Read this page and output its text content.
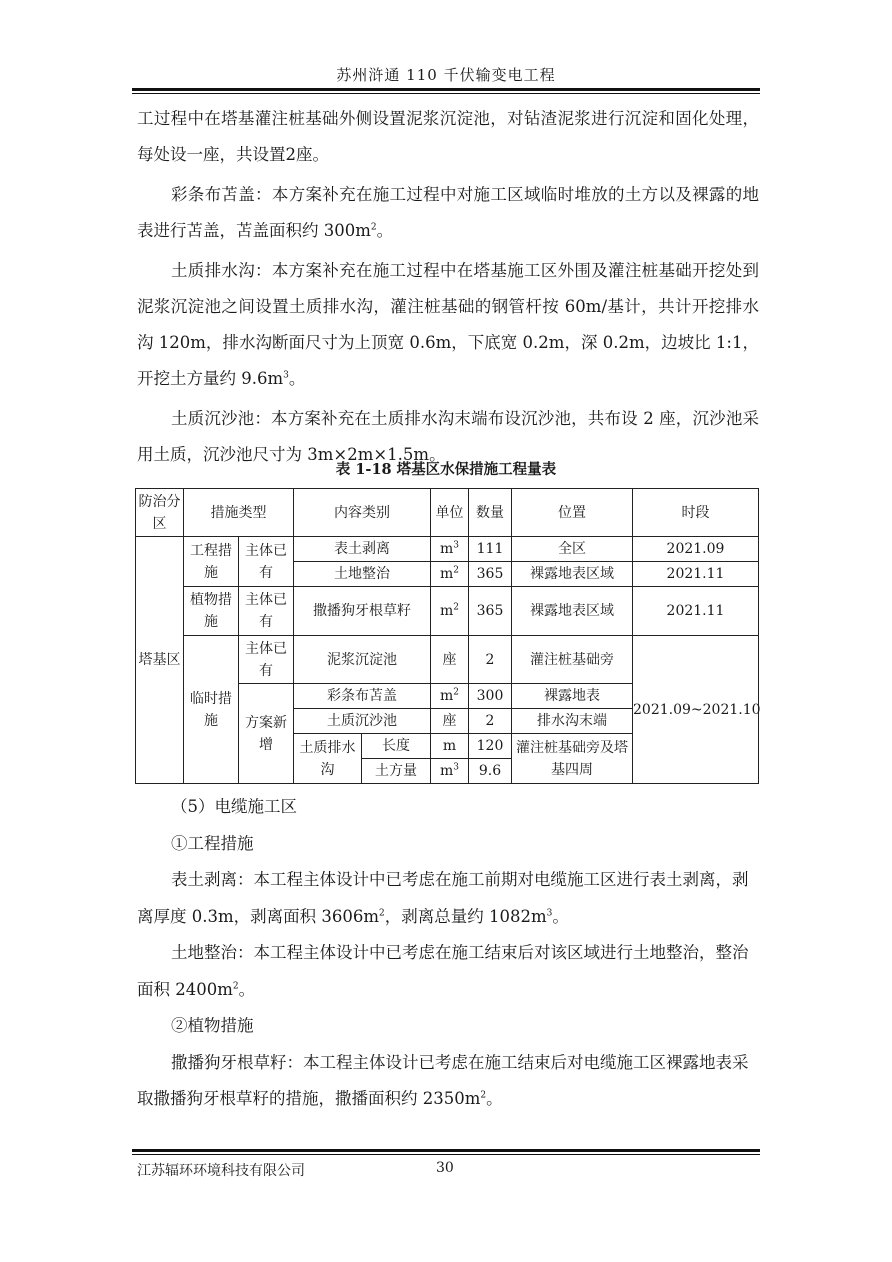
苏州浒通 110 千伏输变电工程

工过程中在塔基灌注桩基础外侧设置泥浆沉淀池，对钻渣泥浆进行沉淀和固化处理，每处设一座，共设置2座。

彩条布苫盖：本方案补充在施工过程中对施工区域临时堆放的土方以及裸露的地表进行苫盖，苫盖面积约 $300m^2$。

土质排水沟：本方案补充在施工过程中在塔基施工区外围及灌注桩基础开挖处到泥浆沉淀池之间设置土质排水沟，灌注桩基础的钢管杆按 60m/基计，共计开挖排水沟 120m，排水沟断面尺寸为上顶宽 0.6m，下底宽 0.2m，深 0.2m，边坡比 1:1，开挖土方量约 $9.6m^3$。

土质沉沙池：本方案补充在土质排水沟末端布设沉沙池，共布设 2 座，沉沙池采用土质，沉沙池尺寸为 3m×2m×1.5m。

表 1-18 塔基区水保措施工程量表
防治分区	措施类型		内容类别		单位	数量	位置	时段
塔基区	工程措施	主体已有	表土剥离		$m^3$	111	全区	2021.09
			土地整治		$m^2$	365	裸露地表区域	2021.11
	植物措施	主体已有	撒播狗牙根草籽		$m^2$	365	裸露地表区域	2021.11
	临时措施	主体已有	泥浆沉淀池		座	2	灌注桩基础旁	2021.09~2021.10
		方案新增	彩条布苫盖		$m^2$	300	裸露地表	
			土质沉沙池		座	2	排水沟末端	
			土质排水沟	长度	m	120	灌注桩基础旁及塔基四周	
				土方量	$m^3$	9.6		

（5）电缆施工区

①工程措施

表土剥离：本工程主体设计中已考虑在施工前期对电缆施工区进行表土剥离，剥离厚度 0.3m，剥离面积 $3606m^2$，剥离总量约 $1082m^3$。

土地整治：本工程主体设计中已考虑在施工结束后对该区域进行土地整治，整治面积 $2400m^2$。

②植物措施

撒播狗牙根草籽：本工程主体设计已考虑在施工结束后对电缆施工区裸露地表采取撒播狗牙根草籽的措施，撒播面积约 $2350m^2$。

江苏辐环环境科技有限公司	30
